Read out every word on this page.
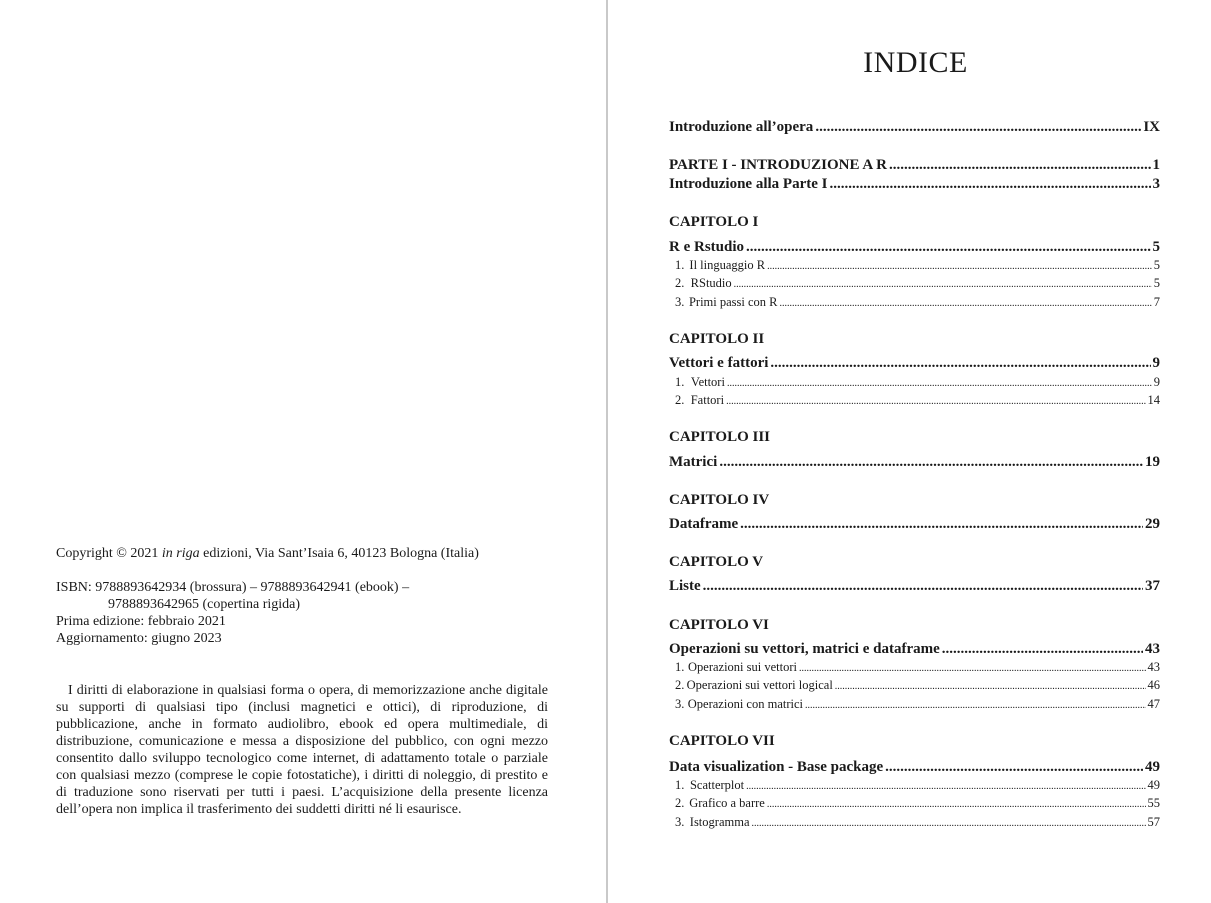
Copyright © 2021 in riga edizioni, Via Sant’Isaia 6, 40123 Bologna (Italia)

ISBN: 9788893642934 (brossura) – 9788893642941 (ebook) –

9788893642965 (copertina rigida)

Prima edizione: febbraio 2021

Aggiornamento: giugno 2023

I diritti di elaborazione in qualsiasi forma o opera, di memorizzazione anche digitale su supporti di qualsiasi tipo (inclusi magnetici e ottici), di riproduzione, di pubblicazione, anche in formato audiolibro, ebook ed opera multimediale, di distribuzione, comunicazione e messa a disposizione del pubblico, con ogni mezzo consentito dallo sviluppo tecnologico come internet, di adattamento totale o parziale con qualsiasi mezzo (comprese le copie fotostatiche), i diritti di noleggio, di prestito e di traduzione sono riservati per tutti i paesi. L’acquisizione della presente licenza dell’opera non implica il trasferimento dei suddetti diritti né li esaurisce.

INDICE
Introduzione all’opera .....	IX
PARTE I - INTRODUZIONE A R .....	1
Introduzione alla Parte I .....	3
CAPITOLO I
R e Rstudio .....	5
1. Il linguaggio R .....	5
2. RStudio .....	5
3. Primi passi con R .....	7
CAPITOLO II
Vettori e fattori .....	9
1. Vettori .....	9
2. Fattori .....	14
CAPITOLO III
Matrici .....	19
CAPITOLO IV
Dataframe .....	29
CAPITOLO V
Liste .....	37
CAPITOLO VI
Operazioni su vettori, matrici e dataframe .....	43
1. Operazioni sui vettori .....	43
2. Operazioni sui vettori logical .....	46
3. Operazioni con matrici .....	47
CAPITOLO VII
Data visualization - Base package .....	49
1. Scatterplot .....	49
2. Grafico a barre .....	55
3. Istogramma .....	57
